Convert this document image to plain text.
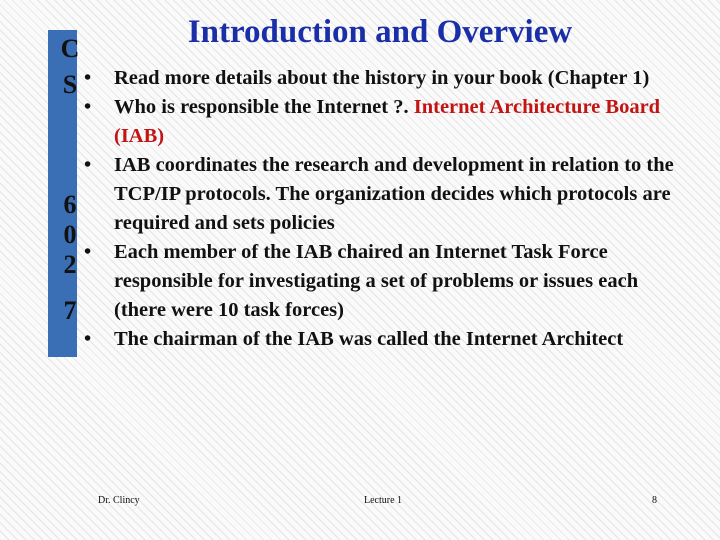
C
S
6
0
2
7
Introduction and Overview
• Read more details about the history in your book (Chapter 1)
• Who is responsible the Internet ?. Internet Architecture Board (IAB)
• IAB coordinates the research and development in relation to the TCP/IP protocols. The organization decides which protocols are required and sets policies
• Each member of the IAB chaired an Internet Task Force responsible for investigating a set of problems or issues each (there were 10 task forces)
• The chairman of the IAB was called the Internet Architect
Dr. Clincy	Lecture 1	8
